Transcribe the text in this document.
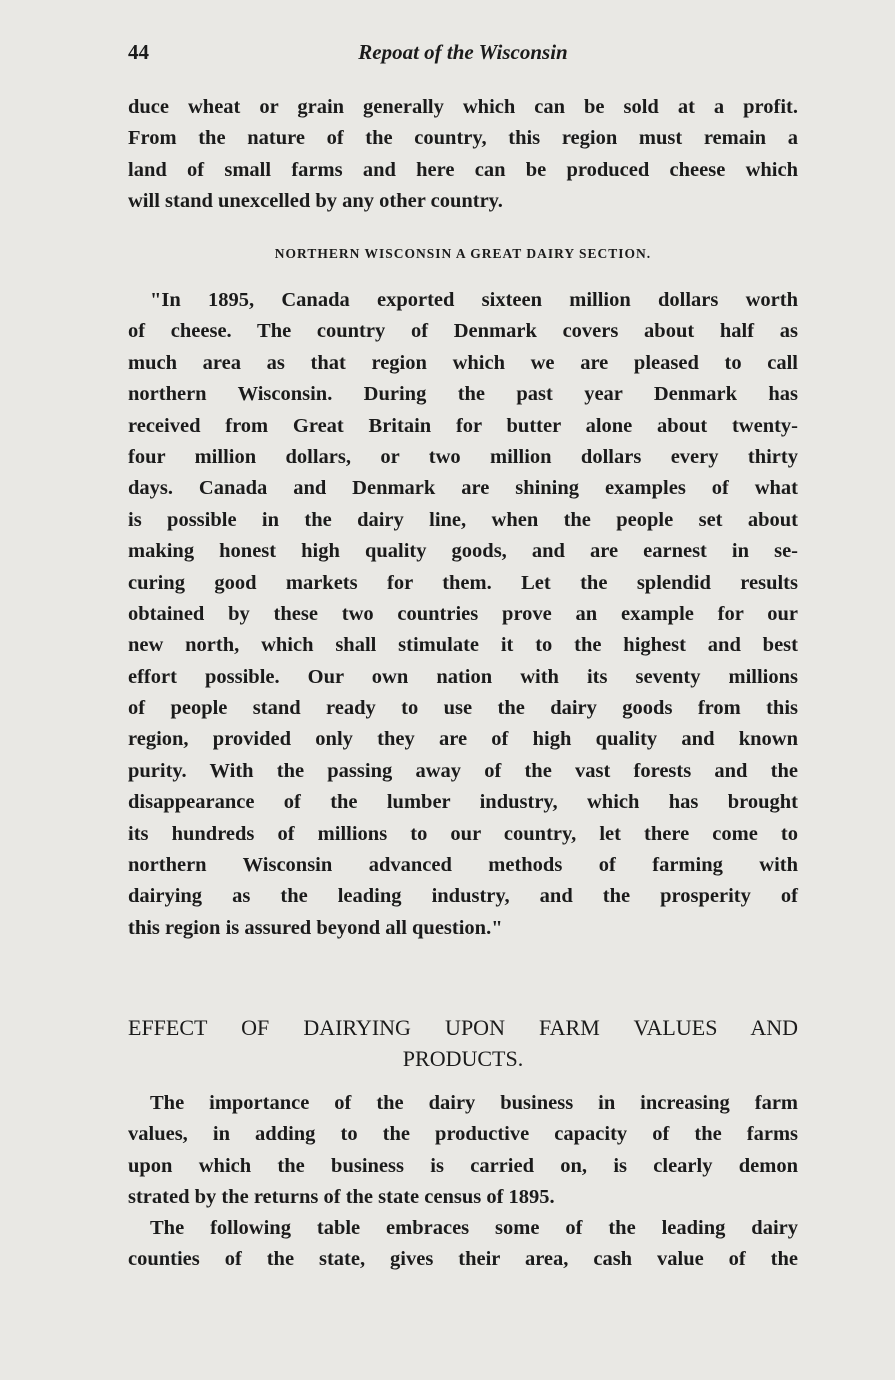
44	Repoat of the Wisconsin
duce wheat or grain generally which can be sold at a profit.
From the nature of the country, this region must remain a
land of small farms and here can be produced cheese which
will stand unexcelled by any other country.
NORTHERN WISCONSIN A GREAT DAIRY SECTION.
"In 1895, Canada exported sixteen million dollars worth
of cheese. The country of Denmark covers about half as
much area as that region which we are pleased to call
northern Wisconsin. During the past year Denmark has
received from Great Britain for butter alone about twenty-
four million dollars, or two million dollars every thirty
days. Canada and Denmark are shining examples of what
is possible in the dairy line, when the people set about
making honest high quality goods, and are earnest in se-
curing good markets for them. Let the splendid results
obtained by these two countries prove an example for our
new north, which shall stimulate it to the highest and best
effort possible. Our own nation with its seventy millions
of people stand ready to use the dairy goods from this
region, provided only they are of high quality and known
purity. With the passing away of the vast forests and the
disappearance of the lumber industry, which has brought
its hundreds of millions to our country, let there come to
northern Wisconsin advanced methods of farming with
dairying as the leading industry, and the prosperity of
this region is assured beyond all question."
EFFECT OF DAIRYING UPON FARM VALUES AND
PRODUCTS.
The importance of the dairy business in increasing farm
values, in adding to the productive capacity of the farms
upon which the business is carried on, is clearly demon
strated by the returns of the state census of 1895.
The following table embraces some of the leading dairy
counties of the state, gives their area, cash value of the
